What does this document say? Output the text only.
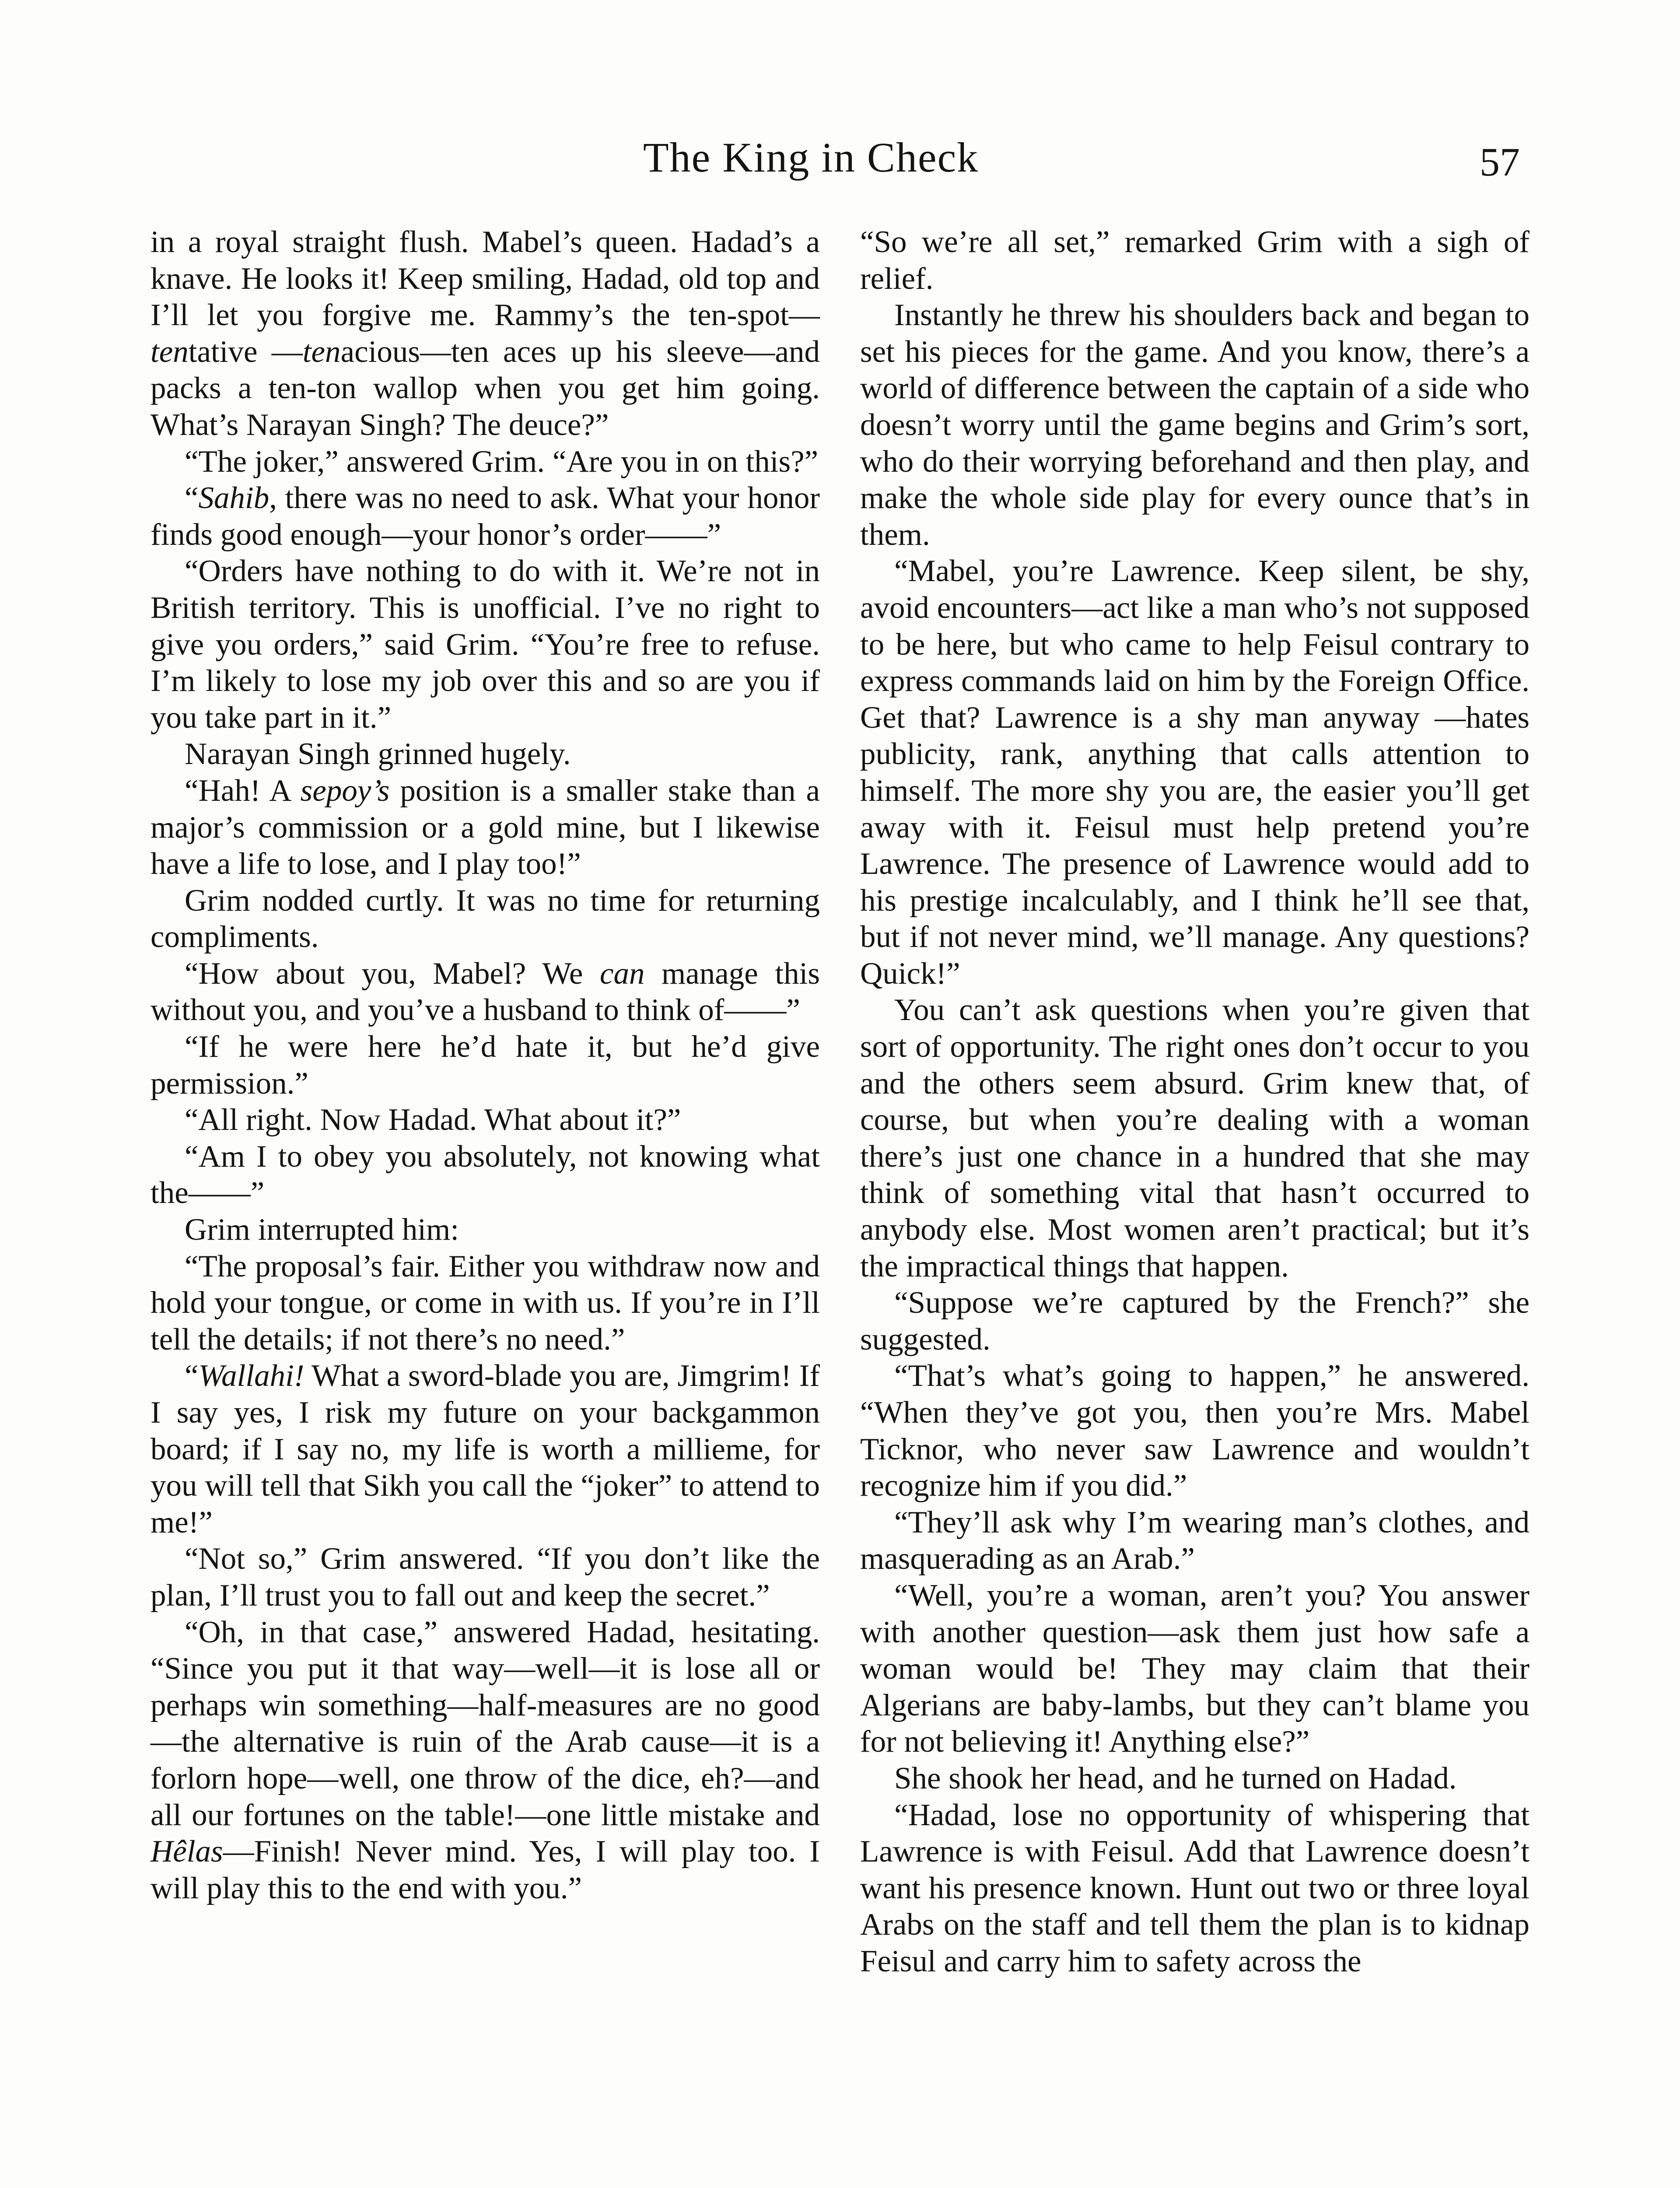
The King in Check	57

in a royal straight flush. Mabel’s queen. Hadad’s a knave. He looks it! Keep smiling, Hadad, old top and I’ll let you forgive me. Rammy’s the ten-spot—tentative —tenacious—ten aces up his sleeve—and packs a ten-ton wallop when you get him going. What’s Narayan Singh? The deuce?”

“The joker,” answered Grim. “Are you in on this?”

“Sahib, there was no need to ask. What your honor finds good enough—your honor’s order——”

“Orders have nothing to do with it. We’re not in British territory. This is unofficial. I’ve no right to give you orders,” said Grim. “You’re free to refuse. I’m likely to lose my job over this and so are you if you take part in it.”

Narayan Singh grinned hugely.

“Hah! A sepoy’s position is a smaller stake than a major’s commission or a gold mine, but I likewise have a life to lose, and I play too!”

Grim nodded curtly. It was no time for returning compliments.

“How about you, Mabel? We can manage this without you, and you’ve a husband to think of——”

“If he were here he’d hate it, but he’d give permission.”

“All right. Now Hadad. What about it?”

“Am I to obey you absolutely, not knowing what the——”

Grim interrupted him:

“The proposal’s fair. Either you withdraw now and hold your tongue, or come in with us. If you’re in I’ll tell the details; if not there’s no need.”

“Wallahi! What a sword-blade you are, Jimgrim! If I say yes, I risk my future on your backgammon board; if I say no, my life is worth a millieme, for you will tell that Sikh you call the “joker” to attend to me!”

“Not so,” Grim answered. “If you don’t like the plan, I’ll trust you to fall out and keep the secret.”

“Oh, in that case,” answered Hadad, hesitating. “Since you put it that way—well—it is lose all or perhaps win something—half-measures are no good—the alternative is ruin of the Arab cause—it is a forlorn hope—well, one throw of the dice, eh?—and all our fortunes on the table!—one little mistake and Hêlas—Finish! Never mind. Yes, I will play too. I will play this to the end with you.”

“So we’re all set,” remarked Grim with a sigh of relief.

Instantly he threw his shoulders back and began to set his pieces for the game. And you know, there’s a world of difference between the captain of a side who doesn’t worry until the game begins and Grim’s sort, who do their worrying beforehand and then play, and make the whole side play for every ounce that’s in them.

“Mabel, you’re Lawrence. Keep silent, be shy, avoid encounters—act like a man who’s not supposed to be here, but who came to help Feisul contrary to express commands laid on him by the Foreign Office. Get that? Lawrence is a shy man anyway —hates publicity, rank, anything that calls attention to himself. The more shy you are, the easier you’ll get away with it. Feisul must help pretend you’re Lawrence. The presence of Lawrence would add to his prestige incalculably, and I think he’ll see that, but if not never mind, we’ll manage. Any questions? Quick!”

You can’t ask questions when you’re given that sort of opportunity. The right ones don’t occur to you and the others seem absurd. Grim knew that, of course, but when you’re dealing with a woman there’s just one chance in a hundred that she may think of something vital that hasn’t occurred to anybody else. Most women aren’t practical; but it’s the impractical things that happen.

“Suppose we’re captured by the French?” she suggested.

“That’s what’s going to happen,” he answered. “When they’ve got you, then you’re Mrs. Mabel Ticknor, who never saw Lawrence and wouldn’t recognize him if you did.”

“They’ll ask why I’m wearing man’s clothes, and masquerading as an Arab.”

“Well, you’re a woman, aren’t you? You answer with another question—ask them just how safe a woman would be! They may claim that their Algerians are baby-lambs, but they can’t blame you for not believing it! Anything else?”

She shook her head, and he turned on Hadad.

“Hadad, lose no opportunity of whispering that Lawrence is with Feisul. Add that Lawrence doesn’t want his presence known. Hunt out two or three loyal Arabs on the staff and tell them the plan is to kidnap Feisul and carry him to safety across the
